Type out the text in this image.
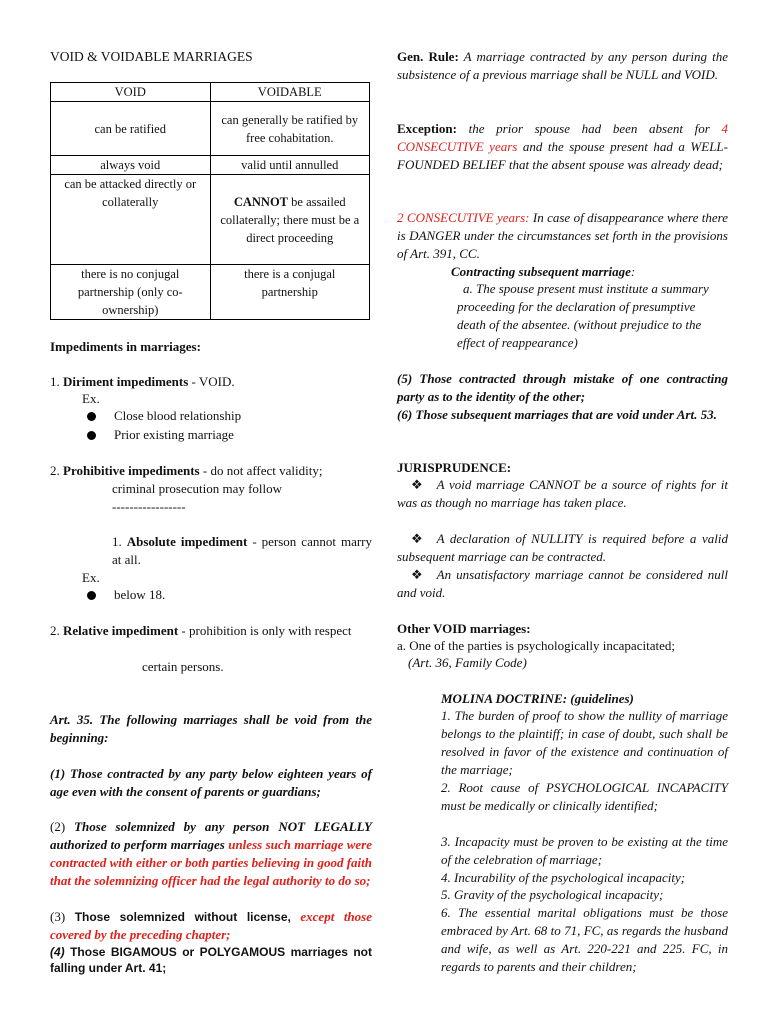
VOID & VOIDABLE MARRIAGES
VOID	VOIDABLE
can be ratified	can generally be ratified by free cohabitation.
always void	valid until annulled
can be attacked directly or collaterally	CANNOT be assailed collaterally; there must be a direct proceeding
there is no conjugal partnership (only co-ownership)	there is a conjugal partnership
Impediments in marriages:
1. Diriment impediments - VOID.
Ex.
Close blood relationship
Prior existing marriage
2. Prohibitive impediments - do not affect validity;
criminal prosecution may follow
-----------------
1. Absolute impediment - person cannot marry at all.
Ex.
below 18.
2. Relative impediment - prohibition is only with respect
certain persons.
Art. 35. The following marriages shall be void from the beginning:
(1) Those contracted by any party below eighteen years of age even with the consent of parents or guardians;
(2) Those solemnized by any person NOT LEGALLY authorized to perform marriages unless such marriage were contracted with either or both parties believing in good faith that the solemnizing officer had the legal authority to do so;
(3) Those solemnized without license, except those covered by the preceding chapter;
(4) Those BIGAMOUS or POLYGAMOUS marriages not falling under Art. 41;
Gen. Rule: A marriage contracted by any person during the subsistence of a previous marriage shall be NULL and VOID.
Exception: the prior spouse had been absent for 4 CONSECUTIVE years and the spouse present had a WELL-FOUNDED BELIEF that the absent spouse was already dead;
2 CONSECUTIVE years: In case of disappearance where there is DANGER under the circumstances set forth in the provisions of Art. 391, CC.
Contracting subsequent marriage:
a. The spouse present must institute a summary proceeding for the declaration of presumptive death of the absentee. (without prejudice to the effect of reappearance)
(5) Those contracted through mistake of one contracting party as to the identity of the other;
(6) Those subsequent marriages that are void under Art. 53.
JURISPRUDENCE:
❖ A void marriage CANNOT be a source of rights for it was as though no marriage has taken place.
❖ A declaration of NULLITY is required before a valid subsequent marriage can be contracted.
❖ An unsatisfactory marriage cannot be considered null and void.
Other VOID marriages:
a. One of the parties is psychologically incapacitated;
(Art. 36, Family Code)
MOLINA DOCTRINE: (guidelines)
1. The burden of proof to show the nullity of marriage belongs to the plaintiff; in case of doubt, such shall be resolved in favor of the existence and continuation of the marriage;
2. Root cause of PSYCHOLOGICAL INCAPACITY must be medically or clinically identified;
3. Incapacity must be proven to be existing at the time of the celebration of marriage;
4. Incurability of the psychological incapacity;
5. Gravity of the psychological incapacity;
6. The essential marital obligations must be those embraced by Art. 68 to 71, FC, as regards the husband and wife, as well as Art. 220-221 and 225. FC, in regards to parents and their children;
